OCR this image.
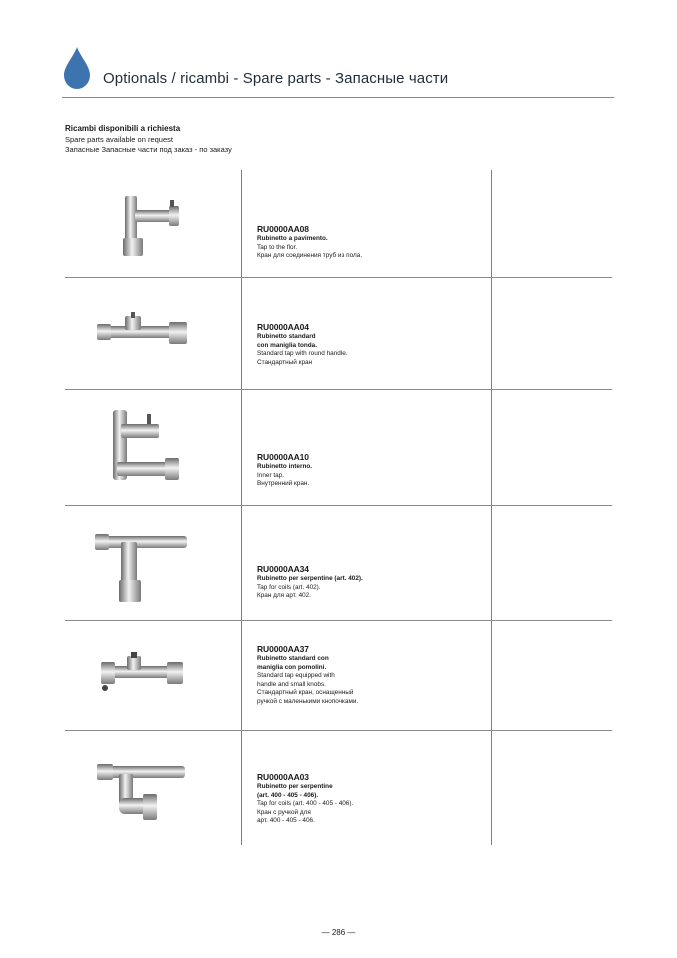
Optionals / ricambi - Spare parts - Запасные части
Ricambi disponibili a richiesta
Spare parts available on request
Запасные Запасные части под заказ - по заказу
RU0000AA08
Rubinetto a pavimento.
Tap to the flor.
Кран для соединения труб из пола.
RU0000AA04
Rubinetto standard
con maniglia tonda.
Standard tap with round handle.
Стандартный кран
RU0000AA10
Rubinetto interno.
Inner tap.
Внутренний кран.
RU0000AA34
Rubinetto per serpentine (art. 402).
Tap for coils (art. 402).
Кран для арт. 402.
RU0000AA37
Rubinetto standard con
maniglia con pomolini.
Standard tap equipped with
handle and small knobs.
Стандартный кран, оснащенный
ручкой с маленькими кнопочками.
RU0000AA03
Rubinetto per serpentine
(art. 400 - 405 - 406).
Tap for coils (art. 400 - 405 - 406).
Кран с ручкой для
арт. 400 - 405 - 406.
— 286 —
